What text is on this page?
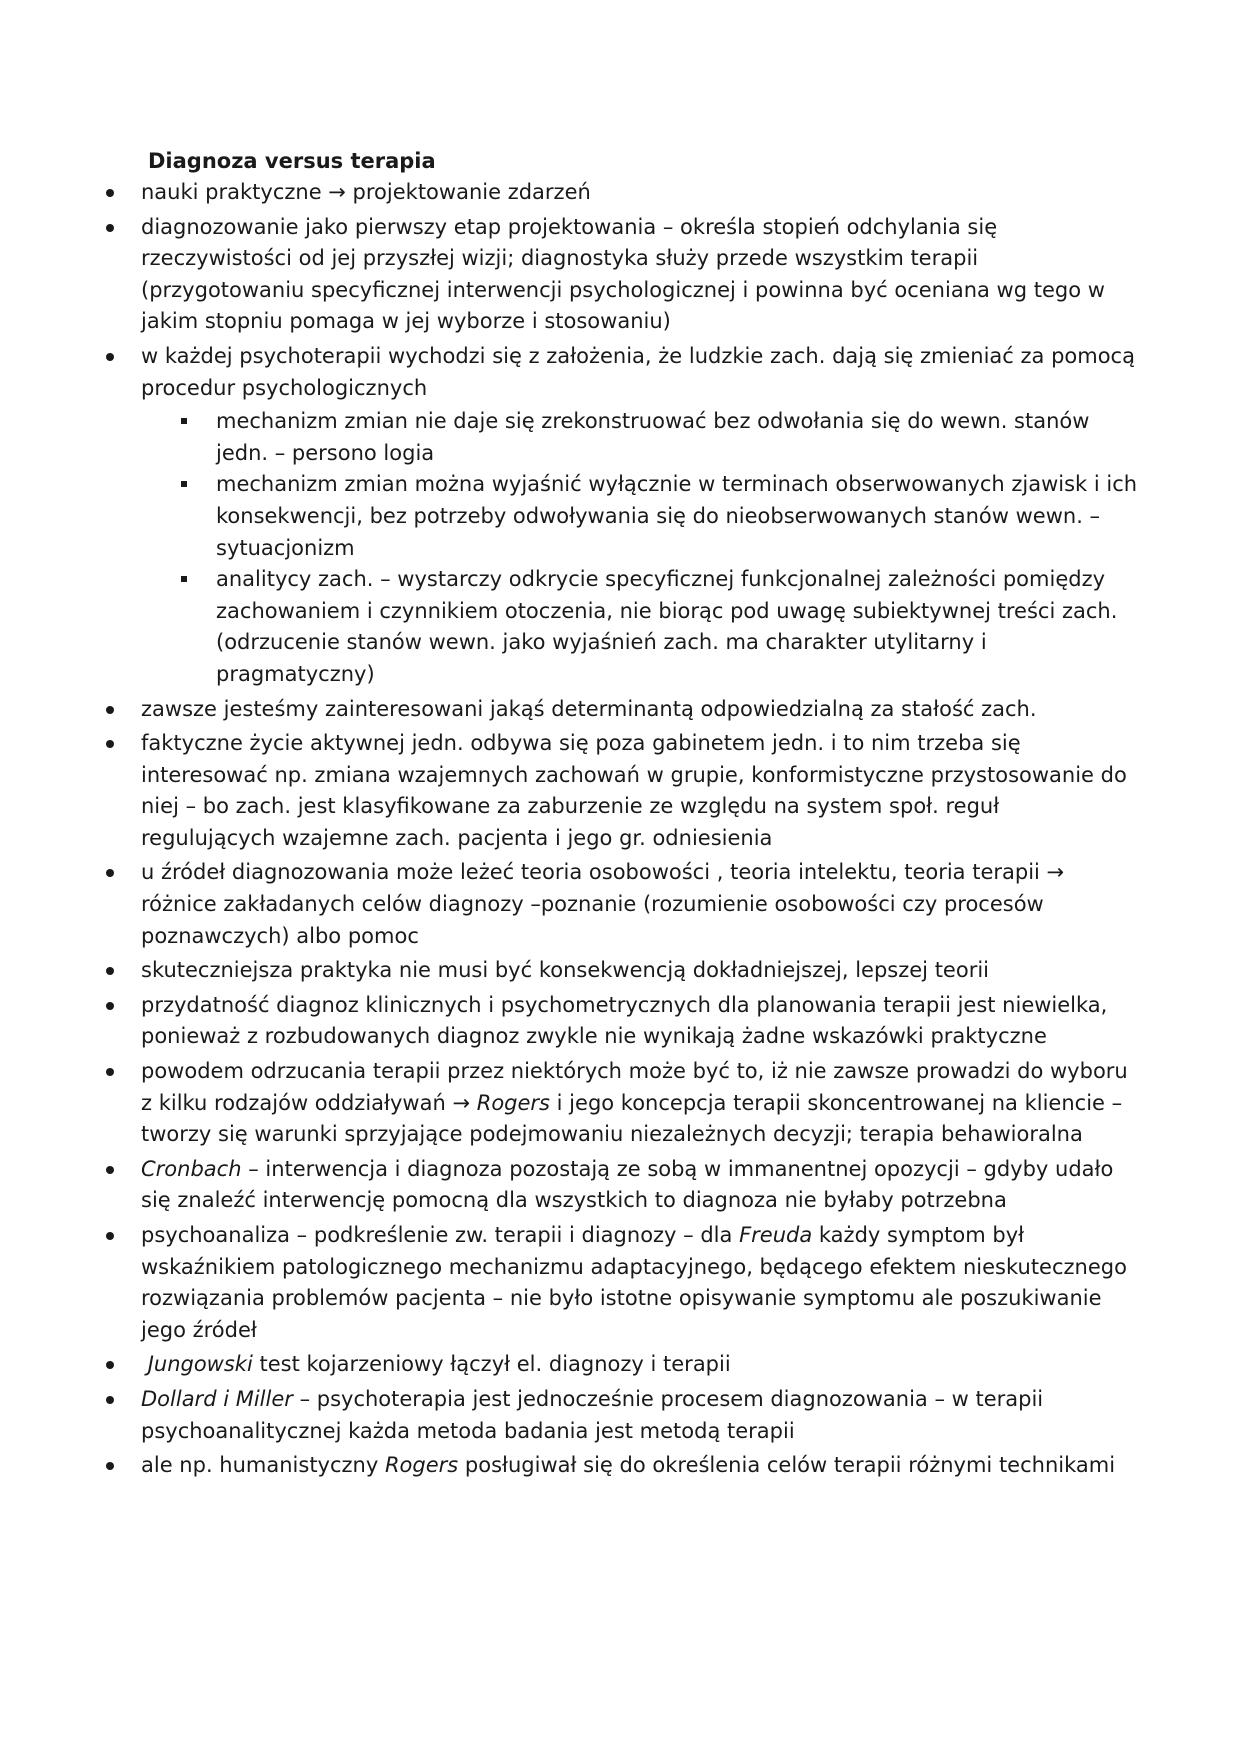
Diagnoza versus terapia
nauki praktyczne → projektowanie zdarzeń
diagnozowanie jako pierwszy etap projektowania – określa stopień odchylania się rzeczywistości od jej przyszłej wizji; diagnostyka służy przede wszystkim terapii (przygotowaniu specyficznej interwencji psychologicznej i powinna być oceniana wg tego w jakim stopniu pomaga w jej wyborze i stosowaniu)
w każdej psychoterapii wychodzi się z założenia, że ludzkie zach. dają się zmieniać za pomocą procedur psychologicznych
mechanizm zmian nie daje się zrekonstruować bez odwołania się do wewn. stanów jedn. – persono logia
mechanizm zmian można wyjaśnić wyłącznie w terminach obserwowanych zjawisk i ich konsekwencji, bez potrzeby odwoływania się do nieobserwowanych stanów wewn. – sytuacjonizm
analitycy zach. – wystarczy odkrycie specyficznej funkcjonalnej zależności pomiędzy zachowaniem i czynnikiem otoczenia, nie biorąc pod uwagę subiektywnej treści zach. (odrzucenie stanów wewn. jako wyjaśnień zach. ma charakter utylitarny i pragmatyczny)
zawsze jesteśmy zainteresowani jakąś determinantą odpowiedzialną za stałość zach.
faktyczne życie aktywnej jedn. odbywa się poza gabinetem jedn. i to nim trzeba się interesować np. zmiana wzajemnych zachowań w grupie, konformistyczne przystosowanie do niej – bo zach. jest klasyfikowane za zaburzenie ze względu na system społ. reguł regulujących wzajemne zach. pacjenta i jego gr. odniesienia
u źródeł diagnozowania może leżeć teoria osobowości , teoria intelektu, teoria terapii → różnice zakładanych celów diagnozy –poznanie (rozumienie osobowości czy procesów poznawczych) albo pomoc
skuteczniejsza praktyka nie musi być konsekwencją dokładniejszej, lepszej teorii
przydatność diagnoz klinicznych i psychometrycznych dla planowania terapii jest niewielka, ponieważ z rozbudowanych diagnoz zwykle nie wynikają żadne wskazówki praktyczne
powodem odrzucania terapii przez niektórych może być to, iż nie zawsze prowadzi do wyboru z kilku rodzajów oddziaływań → Rogers i jego koncepcja terapii skoncentrowanej na kliencie – tworzy się warunki sprzyjające podejmowaniu niezależnych decyzji; terapia behawioralna
Cronbach – interwencja i diagnoza pozostają ze sobą w immanentnej opozycji – gdyby udało się znaleźć interwencję pomocną dla wszystkich to diagnoza nie byłaby potrzebna
psychoanaliza – podkreślenie zw. terapii i diagnozy – dla Freuda każdy symptom był wskaźnikiem patologicznego mechanizmu adaptacyjnego, będącego efektem nieskutecznego rozwiązania problemów pacjenta – nie było istotne opisywanie symptomu ale poszukiwanie jego źródeł
Jungowski test kojarzeniowy łączył el. diagnozy i terapii
Dollard i Miller – psychoterapia jest jednocześnie procesem diagnozowania – w terapii psychoanalitycznej każda metoda badania jest metodą terapii
ale np. humanistyczny Rogers posługiwał się do określenia celów terapii różnymi technikami
